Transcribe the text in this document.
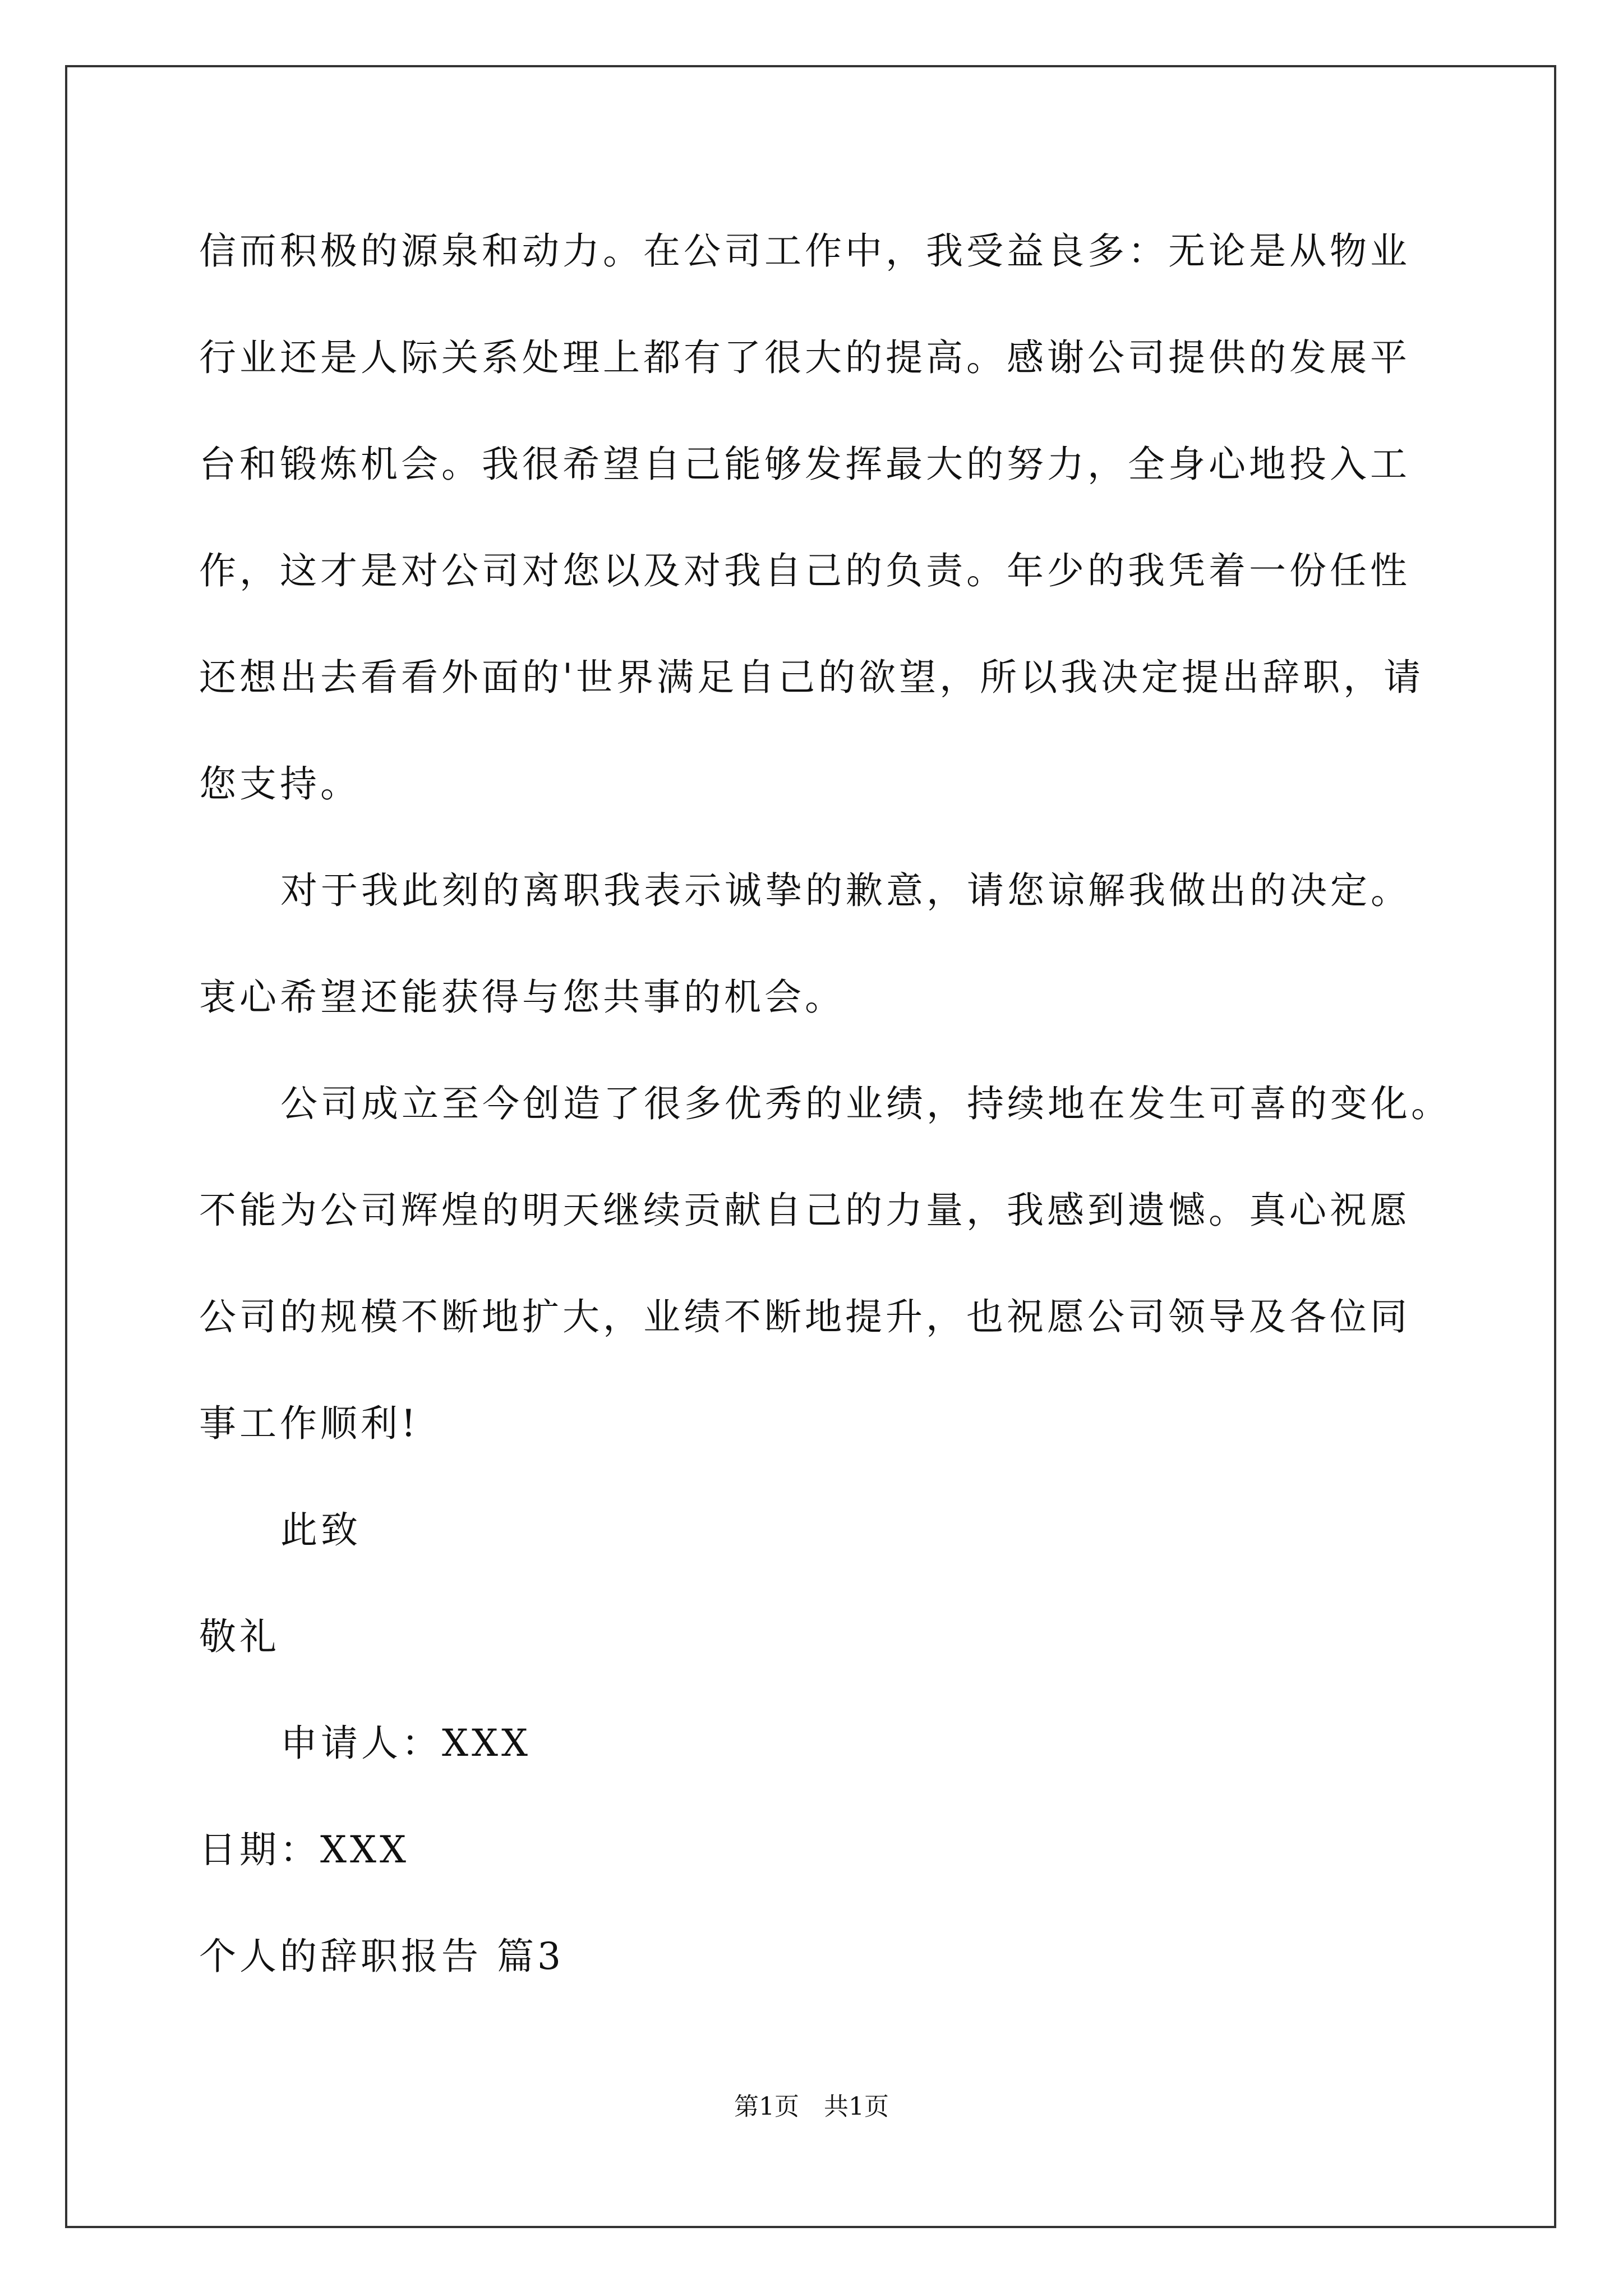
信而积极的源泉和动力。在公司工作中，我受益良多：无论是从物业
行业还是人际关系处理上都有了很大的提高。感谢公司提供的发展平
台和锻炼机会。我很希望自己能够发挥最大的努力，全身心地投入工
作，这才是对公司对您以及对我自己的负责。年少的我凭着一份任性
还想出去看看外面的'世界满足自己的欲望，所以我决定提出辞职，请
您支持。
对于我此刻的离职我表示诚挚的歉意，请您谅解我做出的决定。
衷心希望还能获得与您共事的机会。
公司成立至今创造了很多优秀的业绩，持续地在发生可喜的变化。
不能为公司辉煌的明天继续贡献自己的力量，我感到遗憾。真心祝愿
公司的规模不断地扩大，业绩不断地提升，也祝愿公司领导及各位同
事工作顺利!
此致
敬礼
申请人：XXX
日期：XXX
个人的辞职报告 篇3
第1页　共1页
